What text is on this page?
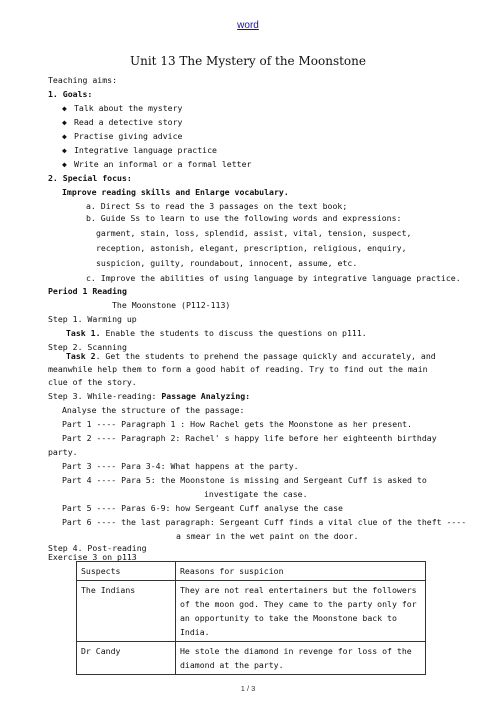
word
Unit 13 The Mystery of the Moonstone
Teaching aims:
1. Goals:
◆ Talk about the mystery
◆ Read a detective story
◆ Practise giving advice
◆ Integrative language practice
◆ Write an informal or a formal letter
2. Special focus:
Improve reading skills and Enlarge vocabulary.
a. Direct Ss to read the 3 passages on the text book;
b. Guide Ss to learn to use the following words and expressions: garment, stain, loss, splendid, assist, vital, tension, suspect, reception, astonish, elegant, prescription, religious, enquiry, suspicion, guilty, roundabout, innocent, assume, etc.
c. Improve the abilities of using language by integrative language practice.
Period 1 Reading
The Moonstone (P112-113)
Step 1. Warming up
Task 1. Enable the students to discuss the questions on p111.
Step 2. Scanning
Task 2. Get the students to prehend the passage quickly and accurately, and meanwhile help them to form a good habit of reading. Try to find out the main clue of the story.
Step 3. While-reading: Passage Analyzing:
Analyse the structure of the passage:
Part 1 ---- Paragraph 1 : How Rachel gets the Moonstone as her present.
Part 2 ---- Paragraph 2: Rachel' s happy life before her eighteenth birthday
party.
Part 3 ---- Para 3-4: What happens at the party.
Part 4 ---- Para 5: the Moonstone is missing and Sergeant Cuff is asked to
investigate the case.
Part 5 ---- Paras 6-9: how Sergeant Cuff analyse the case
Part 6 ---- the last paragraph: Sergeant Cuff finds a vital clue of the theft ----
a smear in the wet paint on the door.
Step 4. Post-reading
Exercise 3 on p113
Suspects	Reasons for suspicion
The Indians	They are not real entertainers but the followers of the moon god. They came to the party only for an opportunity to take the Moonstone back to India.
Dr Candy	He stole the diamond in revenge for loss of the diamond at the party.
1 / 3
